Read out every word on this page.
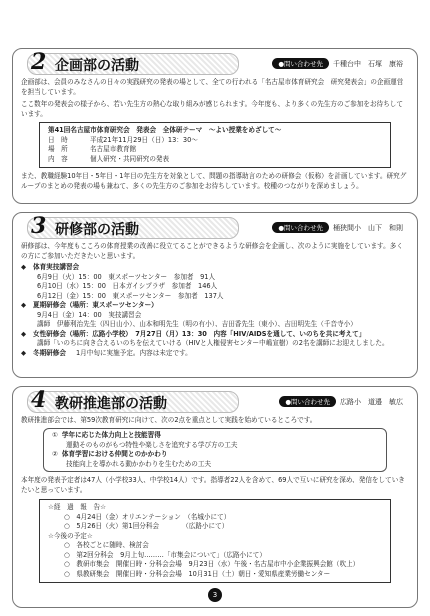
2 企画部の活動	●問い合わせ先	千種台中　石塚　康裕

企画部は、会員のみなさんの日々の実践研究の発表の場として、全ての行われる「名古屋市体育研究会　研究発表会」の企画運営を担当しています。

ここ数年の発表会の様子から、若い先生方の熱心な取り組みが感じられます。今年度も、より多くの先生方のご参加をお待ちしています。

第41回名古屋市体育研究会　発表会　全体研テーマ　～よい授業をめざして～
日　時	平成21年11月29日（日）13：30～
場　所	名古屋市教育館
内　容	個人研究・共同研究の発表

また、教職経験10年目・5年目・1年目の先生方を対象として、問題の指導助言のための研修会（仮称）を計画しています。研究グループのまとめの発表の場も兼ねて、多くの先生方のご参加をお待ちしています。校種のつながりを深めましょう。

3 研修部の活動	●問い合わせ先	桶狭間小　山下　和則

研修部は、今年度もこころの体育授業の改善に役立てることができるような研修会を企画し、次のように実施をしています。多くの方にご参加いただきたいと思います。

◆	体育実技講習会
6月9日（火）15：00　東スポーツセンター　参加者　91人
6月10日（水）15：00　日本ガイシプラザ　参加者　146人
6月12日（金）15：00　東スポーツセンター　参加者　137人
◆	夏期研修会（場所：東スポーツセンター）
9月4日（金）14：00　実技講習会
講師　伊藤利治先生（四日山小）、山本和明先生（明の有小）、吉田香先生（東小）、吉田明先生（千音寺小）
◆	女性研修会（場所：広路小学校）　7月27日（月）13：30　内容「HIV/AIDSを通して、いのちを共に考えて」
講師「いのちに向き合えるいのちを伝えていける（HIVと人権侵害センター中嶋宣樹）の2名を講師にお迎えしました。
◆	冬期研修会 1月中旬に実施予定。内容は未定です。
4 教研推進部の活動	●問い合わせ先	広路小　道邉　敏広

教研推進部会では、第59次教育研究に向けて、次の2点を重点として実践を始めているところです。

① 学年に応じた体力向上と技能習得
運動そのものがもつ特性や楽しさを追究する学び方の工夫
② 体育学習における仲間とのかかわり
技能向上を導かれる動かかわりを生むための工夫

本年度の発表予定者は47人（小学校33人、中学校14人）です。指導者22人を含めて、69人で互いに研究を深め、発信をしていきたいと思っています。

☆経　過　報　告☆
○　4月24日（金）オリエンテーション　（名城小にて）
○　5月26日（火）第1回分科会　　　　（広路小にて）
☆今後の予定☆
○　各校ごとに随時、検討会
○　第2回分科会　9月上旬………「市集会について」（広路小にて）
○　教研市集会　開催日時・分科会会場　9月23日（水）午後・名古屋市中小企業振興会館（吹上）
○　県教研集会　開催日時・分科会会場　10月31日（土）朝日・愛知県産業労働センター
3
